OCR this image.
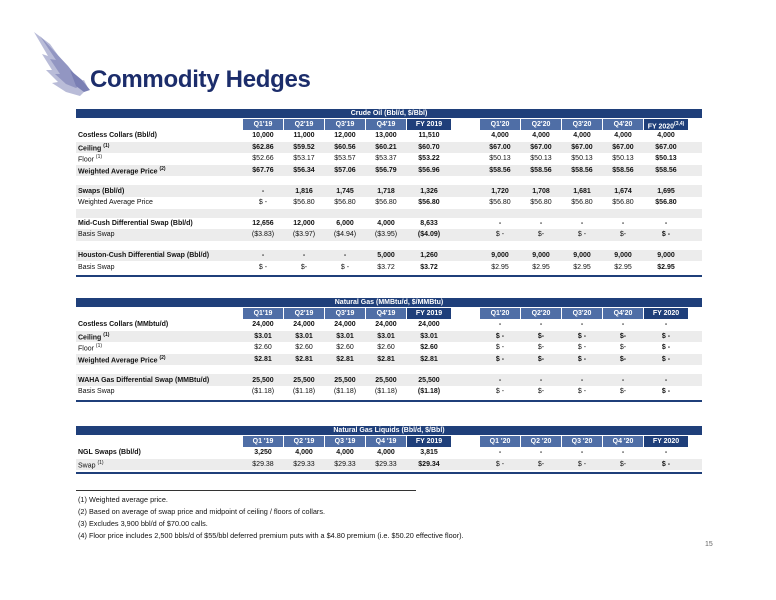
Commodity Hedges
Crude Oil (Bbl/d, $/Bbl)
Q1'19	Q2'19	Q3'19	Q4'19	FY 2019	Q1'20	Q2'20	Q3'20	Q4'20	FY 2020$^{(3,4)}$
Costless Collars (Bbl/d)	10,000	11,000	12,000	13,000	11,510	4,000	4,000	4,000	4,000	4,000
Ceiling $^{(1)}$	$62.86	$59.52	$60.56	$60.21	$60.70	$67.00	$67.00	$67.00	$67.00	$67.00
Floor $^{(1)}$	$52.66	$53.17	$53.57	$53.37	$53.22	$50.13	$50.13	$50.13	$50.13	$50.13
Weighted Average Price $^{(2)}$	$67.76	$56.34	$57.06	$56.79	$56.96	$58.56	$58.56	$58.56	$58.56	$58.56
Swaps (Bbl/d)	-	1,816	1,745	1,718	1,326	1,720	1,708	1,681	1,674	1,695
Weighted Average Price	$ -	$56.80	$56.80	$56.80	$56.80	$56.80	$56.80	$56.80	$56.80	$56.80
Mid-Cush Differential Swap (Bbl/d)	12,656	12,000	6,000	4,000	8,633	-	-	-	-	-
Basis Swap	($3.83)	($3.97)	($4.94)	($3.95)	($4.09)	$ -	$-	$ -	$-	$ -
Houston-Cush Differential Swap (Bbl/d)	-	-	-	5,000	1,260	9,000	9,000	9,000	9,000	9,000
Basis Swap	$ -	$-	$ -	$3.72	$3.72	$2.95	$2.95	$2.95	$2.95	$2.95
Natural Gas (MMBtu/d, $/MMBtu)
Q1'19	Q2'19	Q3'19	Q4'19	FY 2019	Q1'20	Q2'20	Q3'20	Q4'20	FY 2020
Costless Collars (MMbtu/d)	24,000	24,000	24,000	24,000	24,000	-	-	-	-	-
Ceiling $^{(1)}$	$3.01	$3.01	$3.01	$3.01	$3.01	$ -	$-	$ -	$-	$ -
Floor $^{(1)}$	$2.60	$2.60	$2.60	$2.60	$2.60	$ -	$-	$ -	$-	$ -
Weighted Average Price $^{(2)}$	$2.81	$2.81	$2.81	$2.81	$2.81	$ -	$-	$ -	$-	$ -
WAHA Gas Differential Swap (MMBtu/d)	25,500	25,500	25,500	25,500	25,500	-	-	-	-	-
Basis Swap	($1.18)	($1.18)	($1.18)	($1.18)	($1.18)	$ -	$-	$ -	$-	$ -
Natural Gas Liquids (Bbl/d, $/Bbl)
Q1 '19	Q2 '19	Q3 '19	Q4 '19	FY 2019	Q1 '20	Q2 '20	Q3 '20	Q4 '20	FY 2020
NGL Swaps (Bbl/d)	3,250	4,000	4,000	4,000	3,815	-	-	-	-	-
Swap $^{(1)}$	$29.38	$29.33	$29.33	$29.33	$29.34	$ -	$-	$ -	$-	$ -
(1) Weighted average price.
(2) Based on average of swap price and midpoint of ceiling / floors of collars.
(3) Excludes 3,900 bbl/d of $70.00 calls.
(4) Floor price includes 2,500 bbls/d of $55/bbl deferred premium puts with a $4.80 premium (i.e. $50.20 effective floor).
15
